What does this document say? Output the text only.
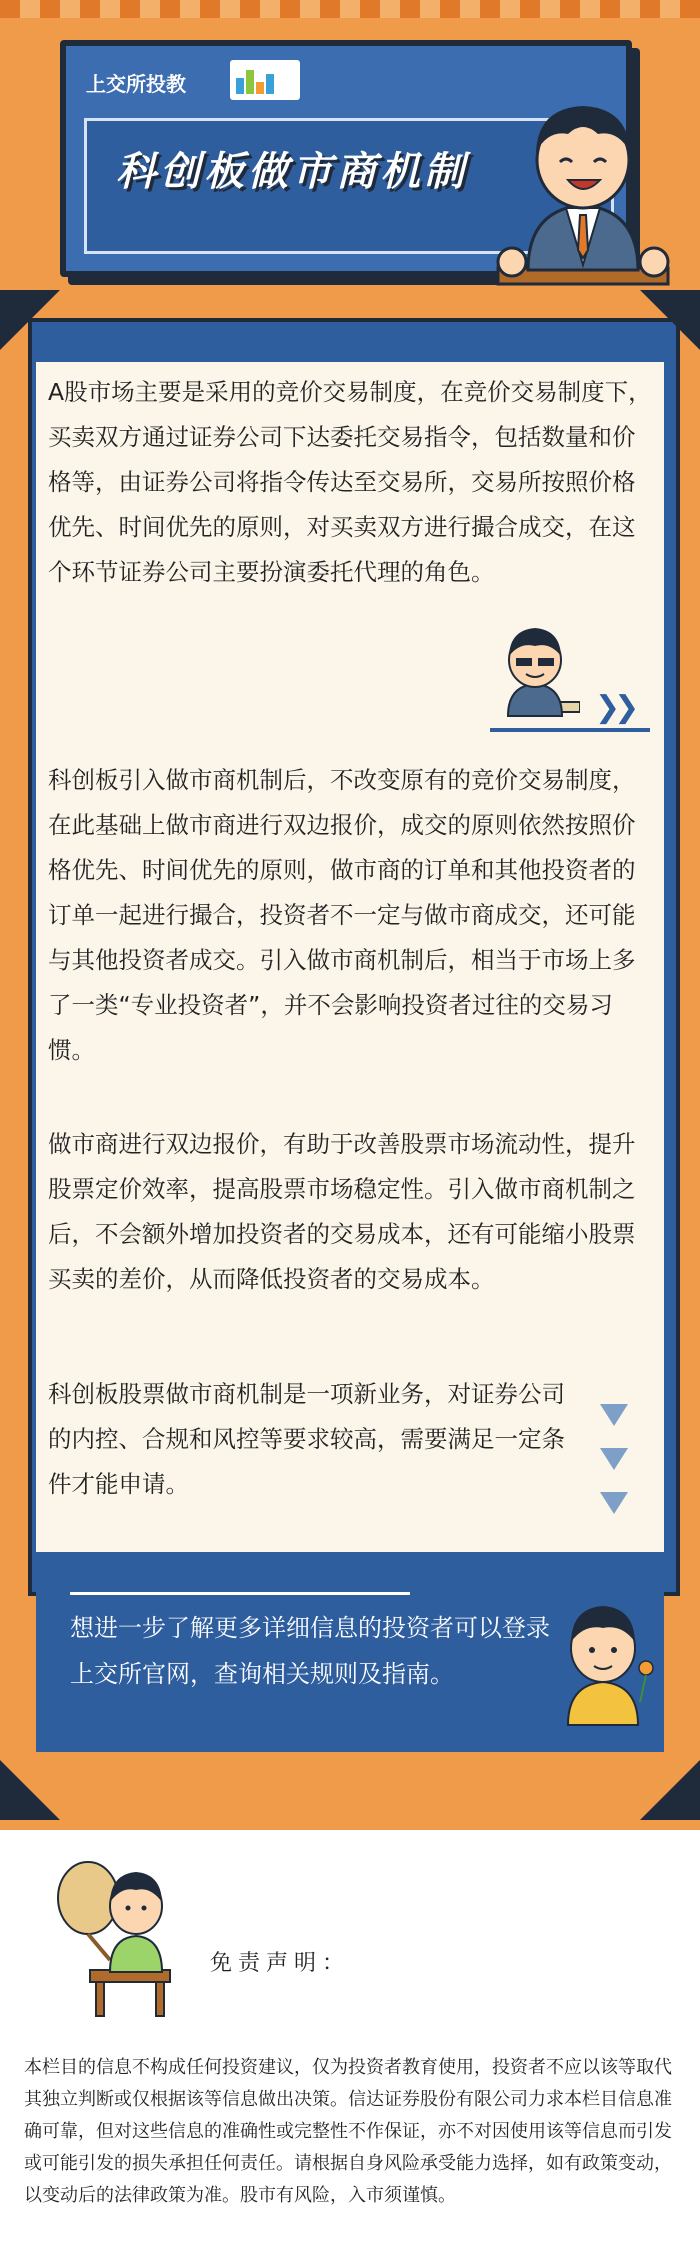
上交所投教
科创板做市商机制
A股市场主要是采用的竞价交易制度，在竞价交易制度下，买卖双方通过证券公司下达委托交易指令，包括数量和价格等，由证券公司将指令传达至交易所，交易所按照价格优先、时间优先的原则，对买卖双方进行撮合成交，在这个环节证券公司主要扮演委托代理的角色。
❯❯
科创板引入做市商机制后，不改变原有的竞价交易制度，在此基础上做市商进行双边报价，成交的原则依然按照价格优先、时间优先的原则，做市商的订单和其他投资者的订单一起进行撮合，投资者不一定与做市商成交，还可能与其他投资者成交。引入做市商机制后，相当于市场上多了一类“专业投资者”，并不会影响投资者过往的交易习惯。
做市商进行双边报价，有助于改善股票市场流动性，提升股票定价效率，提高股票市场稳定性。引入做市商机制之后，不会额外增加投资者的交易成本，还有可能缩小股票买卖的差价，从而降低投资者的交易成本。
科创板股票做市商机制是一项新业务，对证券公司的内控、合规和风控等要求较高，需要满足一定条件才能申请。
想进一步了解更多详细信息的投资者可以登录上交所官网，查询相关规则及指南。
免责声明：
本栏目的信息不构成任何投资建议，仅为投资者教育使用，投资者不应以该等取代其独立判断或仅根据该等信息做出决策。信达证券股份有限公司力求本栏目信息准确可靠，但对这些信息的准确性或完整性不作保证，亦不对因使用该等信息而引发或可能引发的损失承担任何责任。请根据自身风险承受能力选择，如有政策变动，以变动后的法律政策为准。股市有风险，入市须谨慎。
